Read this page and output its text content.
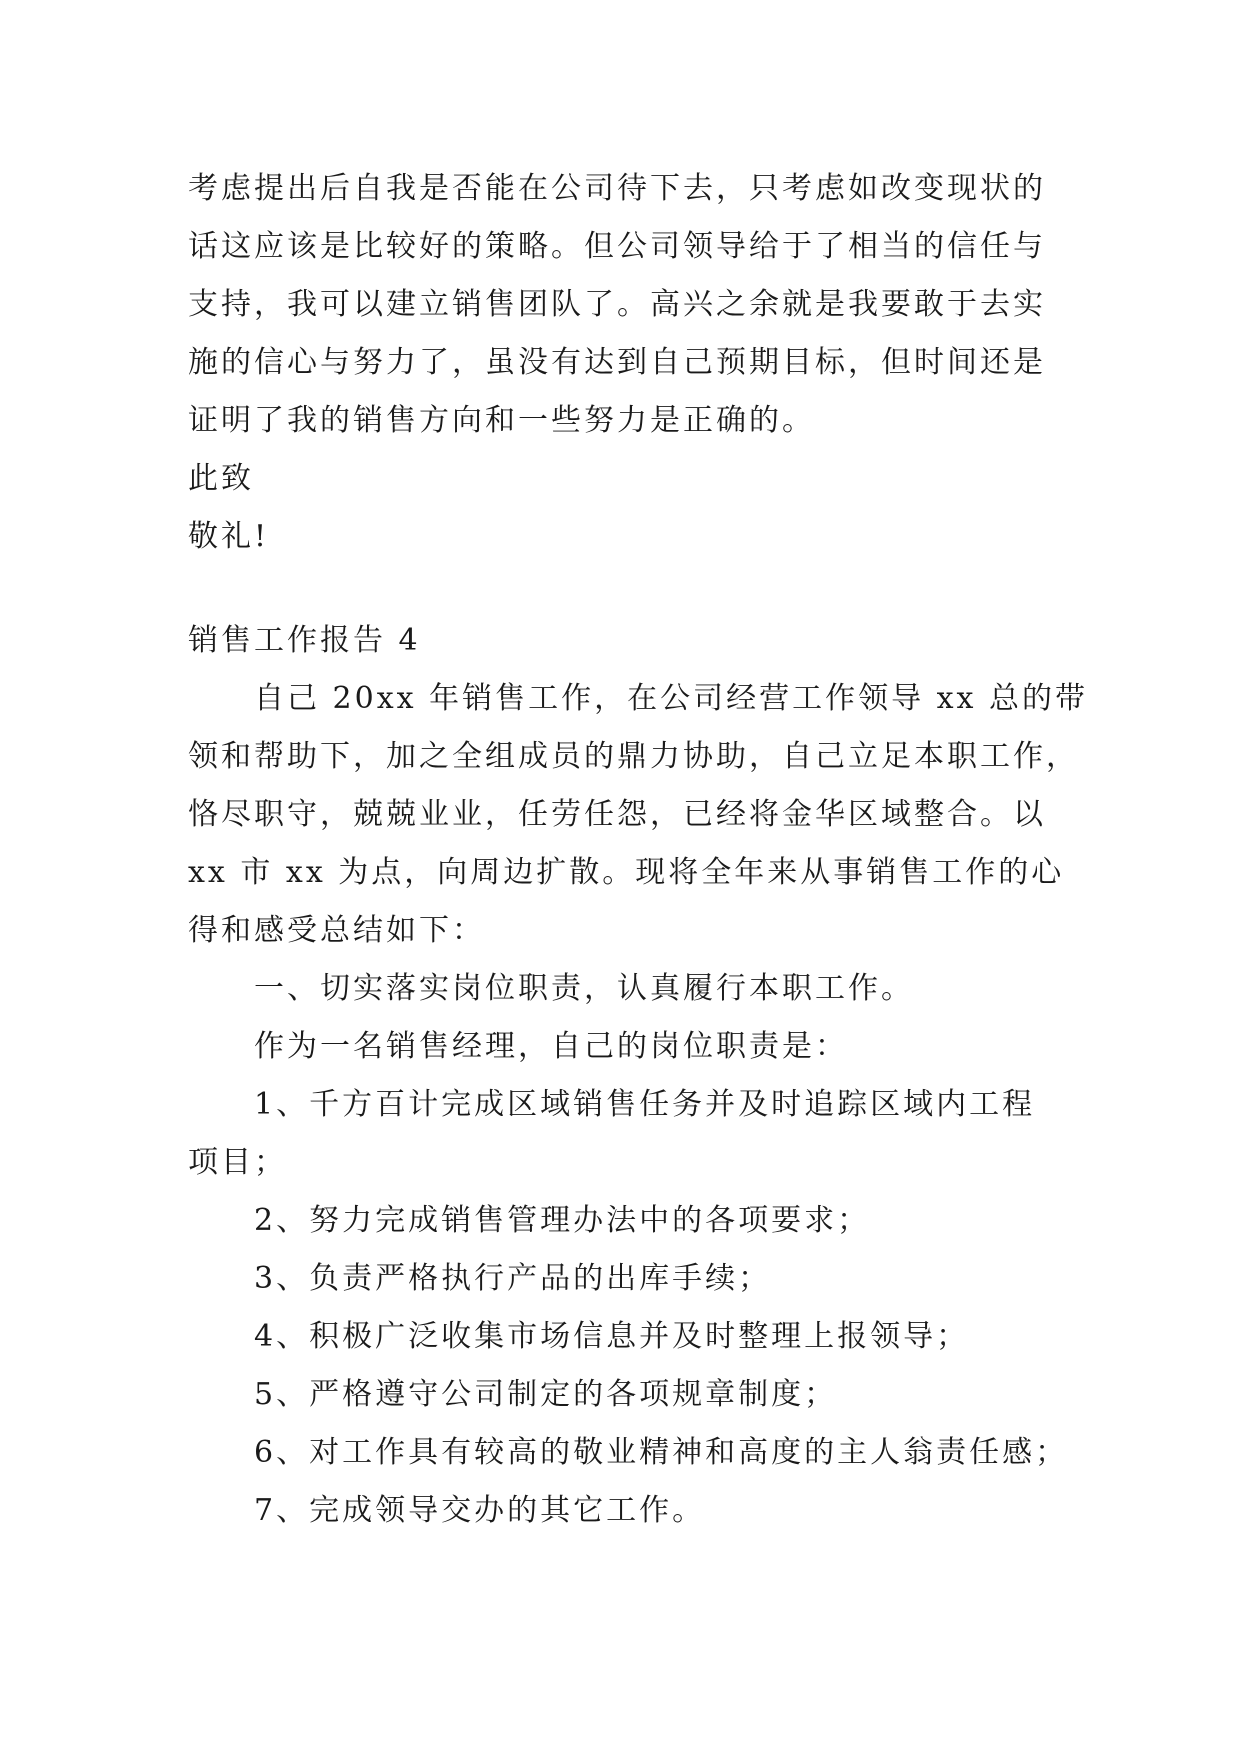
考虑提出后自我是否能在公司待下去，只考虑如改变现状的
话这应该是比较好的策略。但公司领导给于了相当的信任与
支持，我可以建立销售团队了。高兴之余就是我要敢于去实
施的信心与努力了，虽没有达到自己预期目标，但时间还是
证明了我的销售方向和一些努力是正确的。
此致
敬礼!
销售工作报告 4
自己 20xx 年销售工作，在公司经营工作领导 xx 总的带
领和帮助下，加之全组成员的鼎力协助，自己立足本职工作，
恪尽职守，兢兢业业，任劳任怨，已经将金华区域整合。以
xx 市 xx 为点，向周边扩散。现将全年来从事销售工作的心
得和感受总结如下：
一、切实落实岗位职责，认真履行本职工作。
作为一名销售经理，自己的岗位职责是：
1、千方百计完成区域销售任务并及时追踪区域内工程
项目；
2、努力完成销售管理办法中的各项要求；
3、负责严格执行产品的出库手续；
4、积极广泛收集市场信息并及时整理上报领导；
5、严格遵守公司制定的各项规章制度；
6、对工作具有较高的敬业精神和高度的主人翁责任感；
7、完成领导交办的其它工作。
